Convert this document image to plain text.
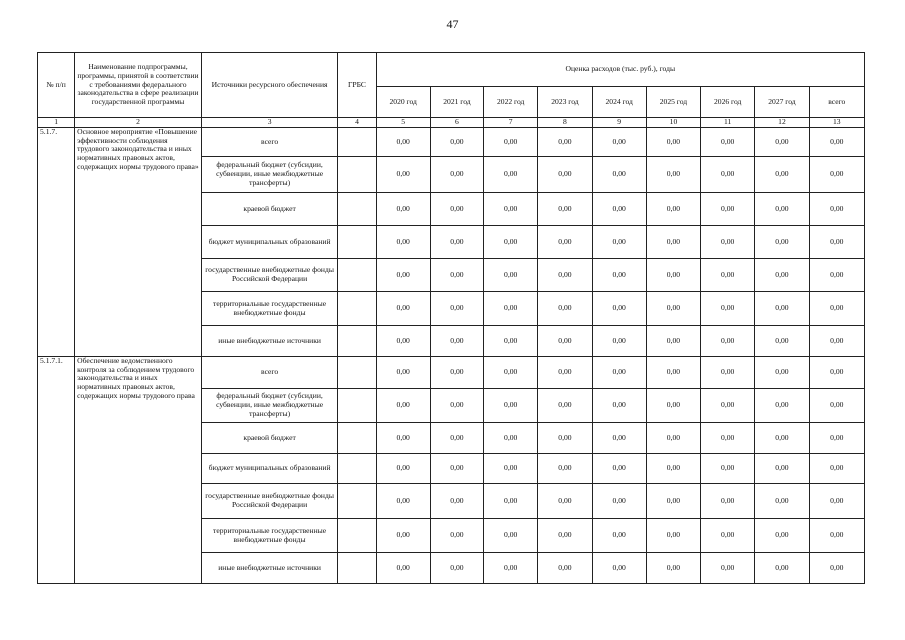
47
№ п/п	Наименование подпрограммы, программы, принятой в соответствии с требованиями федерального законодательства в сфере реализации государственной программы	Источники ресурсного обеспечения	ГРБС	Оценка расходов (тыс. руб.), годы								
				2020 год	2021 год	2022 год	2023 год	2024 год	2025 год	2026 год	2027 год	всего
1	2	3	4	5	6	7	8	9	10	11	12	13
5.1.7.	Основное мероприятие «Повышение эффективности соблюдения трудового законодательства и иных нормативных правовых актов, содержащих нормы трудового права»	всего		0,00	0,00	0,00	0,00	0,00	0,00	0,00	0,00	0,00
		федеральный бюджет (субсидии, субвенции, иные межбюджетные трансферты)		0,00	0,00	0,00	0,00	0,00	0,00	0,00	0,00	0,00
		краевой бюджет		0,00	0,00	0,00	0,00	0,00	0,00	0,00	0,00	0,00
		бюджет муниципальных образований		0,00	0,00	0,00	0,00	0,00	0,00	0,00	0,00	0,00
		государственные внебюджетные фонды Российской Федерации		0,00	0,00	0,00	0,00	0,00	0,00	0,00	0,00	0,00
		территориальные государственные внебюджетные фонды		0,00	0,00	0,00	0,00	0,00	0,00	0,00	0,00	0,00
		иные внебюджетные источники		0,00	0,00	0,00	0,00	0,00	0,00	0,00	0,00	0,00
5.1.7.1.	Обеспечение ведомственного контроля за соблюдением трудового законодательства и иных нормативных правовых актов, содержащих нормы трудового права	всего		0,00	0,00	0,00	0,00	0,00	0,00	0,00	0,00	0,00
		федеральный бюджет (субсидии, субвенции, иные межбюджетные трансферты)		0,00	0,00	0,00	0,00	0,00	0,00	0,00	0,00	0,00
		краевой бюджет		0,00	0,00	0,00	0,00	0,00	0,00	0,00	0,00	0,00
		бюджет муниципальных образований		0,00	0,00	0,00	0,00	0,00	0,00	0,00	0,00	0,00
		государственные внебюджетные фонды Российской Федерации		0,00	0,00	0,00	0,00	0,00	0,00	0,00	0,00	0,00
		территориальные государственные внебюджетные фонды		0,00	0,00	0,00	0,00	0,00	0,00	0,00	0,00	0,00
		иные внебюджетные источники		0,00	0,00	0,00	0,00	0,00	0,00	0,00	0,00	0,00
